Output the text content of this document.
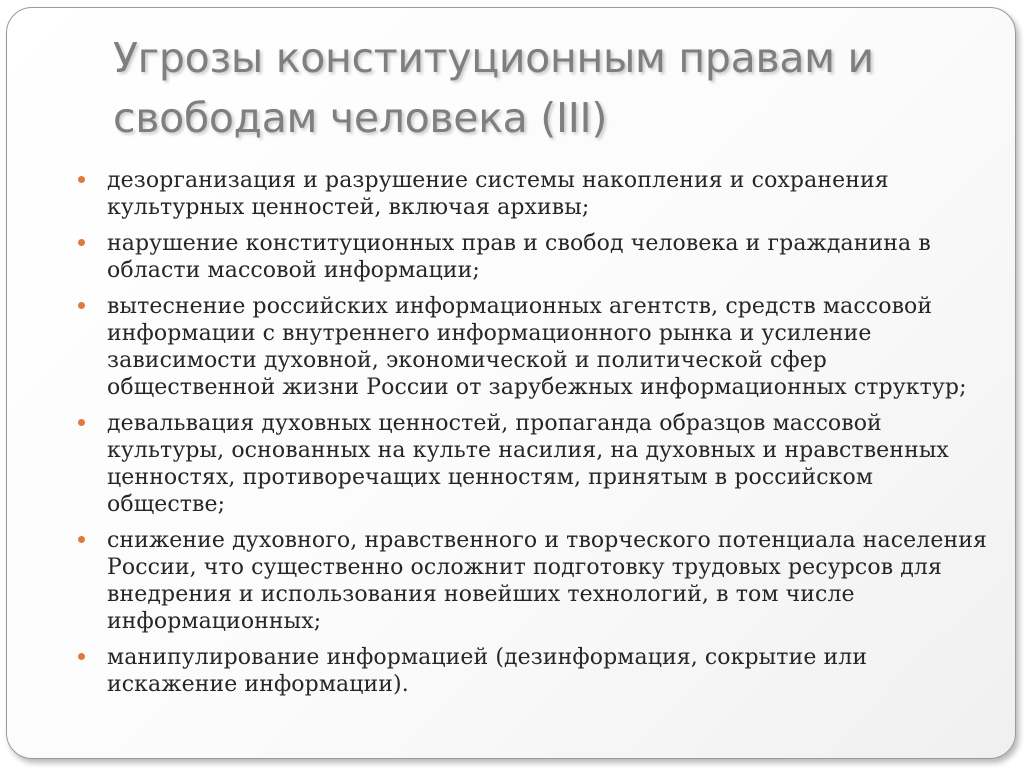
Угрозы конституционным правам и свободам человека (III)
дезорганизация и разрушение системы накопления и сохранения культурных ценностей, включая архивы;
нарушение конституционных прав и свобод человека и гражданина в области массовой информации;
вытеснение российских информационных агентств, средств массовой информации с внутреннего информационного рынка и усиление зависимости духовной, экономической и политической сфер общественной жизни России от зарубежных информационных структур;
девальвация духовных ценностей, пропаганда образцов массовой культуры, основанных на культе насилия, на духовных и нравственных ценностях, противоречащих ценностям, принятым в российском обществе;
снижение духовного, нравственного и творческого потенциала населения России, что существенно осложнит подготовку трудовых ресурсов для внедрения и использования новейших технологий, в том числе информационных;
манипулирование информацией (дезинформация, сокрытие или искажение информации).
